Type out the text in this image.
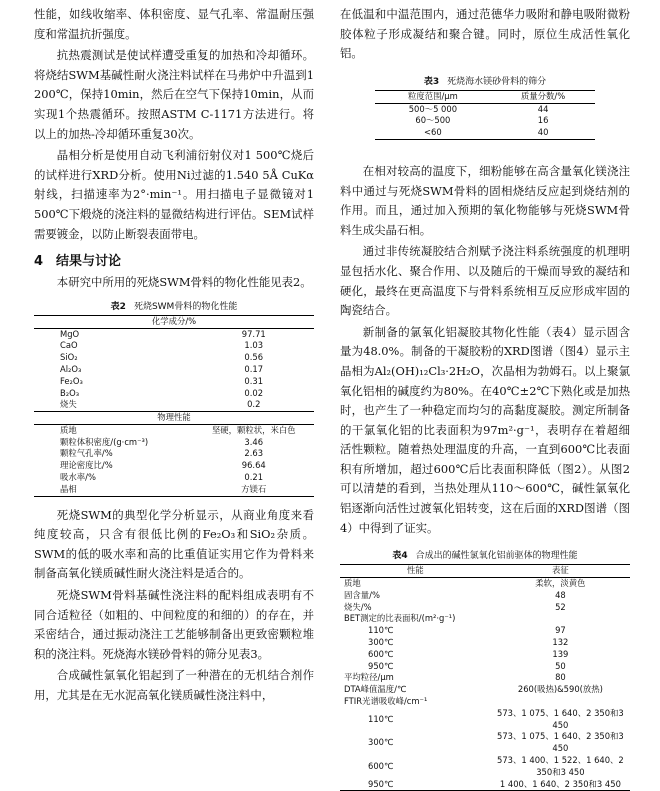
性能，如线收缩率、体积密度、显气孔率、常温耐压强度和常温抗折强度。

抗热震测试是使试样遭受重复的加热和冷却循环。将烧结SWM基碱性耐火浇注料试样在马弗炉中升温到1 200℃，保持10min，然后在空气下保持10min，从而实现1个热震循环。按照ASTM C-1171方法进行。将以上的加热-冷却循环重复30次。

晶相分析是使用自动飞利浦衍射仪对1 500℃烧后的试样进行XRD分析。使用Ni过滤的1.540 5Å CuKα射线，扫描速率为2°·min⁻¹。用扫描电子显微镜对1 500℃下煅烧的浇注料的显微结构进行评估。SEM试样需要镀金，以防止断裂表面带电。

4　结果与讨论

本研究中所用的死烧SWM骨料的物化性能见表2。

表2 死烧SWM骨料的物化性能
化学成分/%	
MgO	97.71
CaO	1.03
SiO₂	0.56
Al₂O₃	0.17
Fe₂O₃	0.31
B₂O₃	0.02
烧失	0.2
物理性能	
质地	坚硬，颗粒状，米白色
颗粒体积密度/(g·cm⁻³)	3.46
颗粒气孔率/%	2.63
理论密度比/%	96.64
吸水率/%	0.21
晶相	方镁石

死烧SWM的典型化学分析显示，从商业角度来看纯度较高，只含有很低比例的Fe₂O₃和SiO₂杂质。SWM的低的吸水率和高的比重值证实用它作为骨料来制备高氧化镁质碱性耐火浇注料是适合的。

死烧SWM骨料基碱性浇注料的配料组成表明有不同合适粒径（如粗的、中间粒度的和细的）的存在，并采密结合，通过振动浇注工艺能够制备出更致密颗粒堆积的浇注料。死烧海水镁砂骨料的筛分见表3。

合成碱性氯氧化铝起到了一种潜在的无机结合剂作用，尤其是在无水泥高氧化镁质碱性浇注料中，

在低温和中温范围内，通过范德华力吸附和静电吸附微粉胶体粒子形成凝结和聚合键。同时，原位生成活性氧化铝。

表3 死烧海水镁砂骨料的筛分
粒度范围/μm	质量分数/%
500～5 000	44
60～500	16
<60	40

在相对较高的温度下，细粉能够在高含量氧化镁浇注料中通过与死烧SWM骨料的固相烧结反应起到烧结剂的作用。而且，通过加入预期的氧化物能够与死烧SWM骨料生成尖晶石相。

通过非传统凝胶结合剂赋予浇注料系统强度的机理明显包括水化、聚合作用、以及随后的干燥而导致的凝结和硬化，最终在更高温度下与骨料系统相互反应形成牢固的陶瓷结合。

新制备的氯氧化铝凝胶其物化性能（表4）显示固含量为48.0%。制备的干凝胶粉的XRD图谱（图4）显示主晶相为Al₂(OH)₁₂Cl₃·2H₂O，次晶相为勃姆石。以上聚氯氧化铝相的碱度约为80%。在40℃±2℃下熟化或是加热时，也产生了一种稳定而均匀的高黏度凝胶。测定所制备的干氯氧化铝的比表面积为97m²·g⁻¹，表明存在着超细活性颗粒。随着热处理温度的升高，一直到600℃比表面积有所增加，超过600℃后比表面积降低（图2）。从图2可以清楚的看到，当热处理从110～600℃，碱性氯氧化铝逐渐向活性过渡氧化铝转变，这在后面的XRD图谱（图4）中得到了证实。

表4 合成出的碱性氯氧化铝前驱体的物理性能
性能	表征
质地	柔软，淡黄色
固含量/%	48
烧失/%	52
BET测定的比表面积/(m²·g⁻¹)	
110℃	97
300℃	132
600℃	139
950℃	50
平均粒径/μm	80
DTA峰值温度/℃	260(吸热)&590(放热)
FTIR光谱吸收峰/cm⁻¹	
110℃	573、1 075、1 640、2 350和3 450
300℃	573、1 075、1 640、2 350和3 450
600℃	573、1 400、1 522、1 640、2 350和3 450
950℃	1 400、1 640、2 350和3 450
